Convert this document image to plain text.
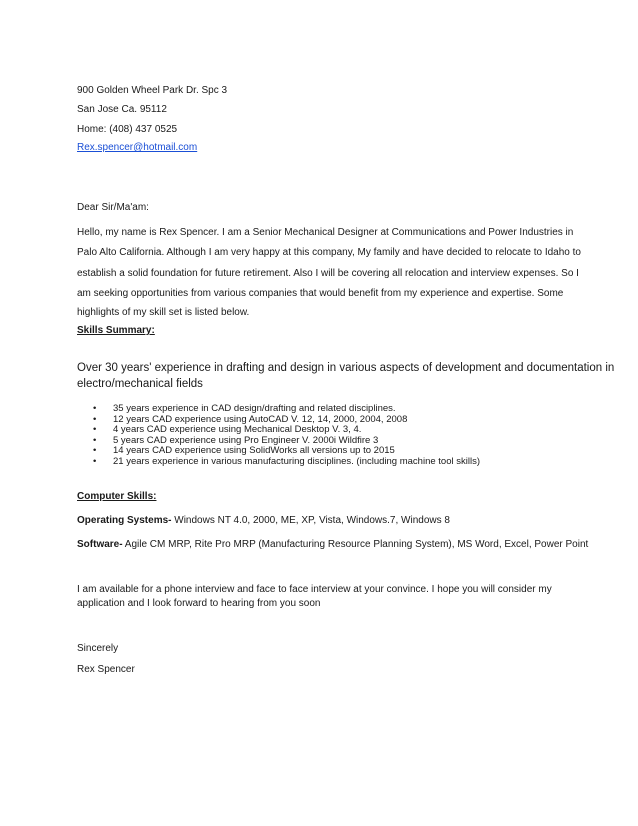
900 Golden Wheel Park Dr. Spc 3
San Jose Ca. 95112
Home: (408) 437 0525
Rex.spencer@hotmail.com
Dear Sir/Ma'am:
Hello, my name is Rex Spencer. I am a Senior Mechanical Designer at Communications and Power Industries in
Palo Alto California. Although I am very happy at this company, My family and have decided to relocate to Idaho to
establish a solid foundation for future retirement. Also I will be covering all relocation and interview expenses. So I
am seeking opportunities from various companies that would benefit from my experience and expertise. Some
highlights of my skill set is listed below.
Skills Summary:
Over 30 years' experience in drafting and design in various aspects of development and documentation in
electro/mechanical fields
• 35 years experience in CAD design/drafting and related disciplines.
• 12 years CAD experience using AutoCAD V. 12, 14, 2000, 2004, 2008
• 4 years CAD experience using Mechanical Desktop V. 3, 4.
• 5 years CAD experience using Pro Engineer V. 2000i Wildfire 3
• 14 years CAD experience using SolidWorks all versions up to 2015
• 21 years experience in various manufacturing disciplines. (including machine tool skills)
Computer Skills:
Operating Systems- Windows NT 4.0, 2000, ME, XP, Vista, Windows.7, Windows 8
Software- Agile CM MRP, Rite Pro MRP (Manufacturing Resource Planning System), MS Word, Excel, Power Point
I am available for a phone interview and face to face interview at your convince. I hope you will consider my
application and I look forward to hearing from you soon
Sincerely
Rex Spencer
